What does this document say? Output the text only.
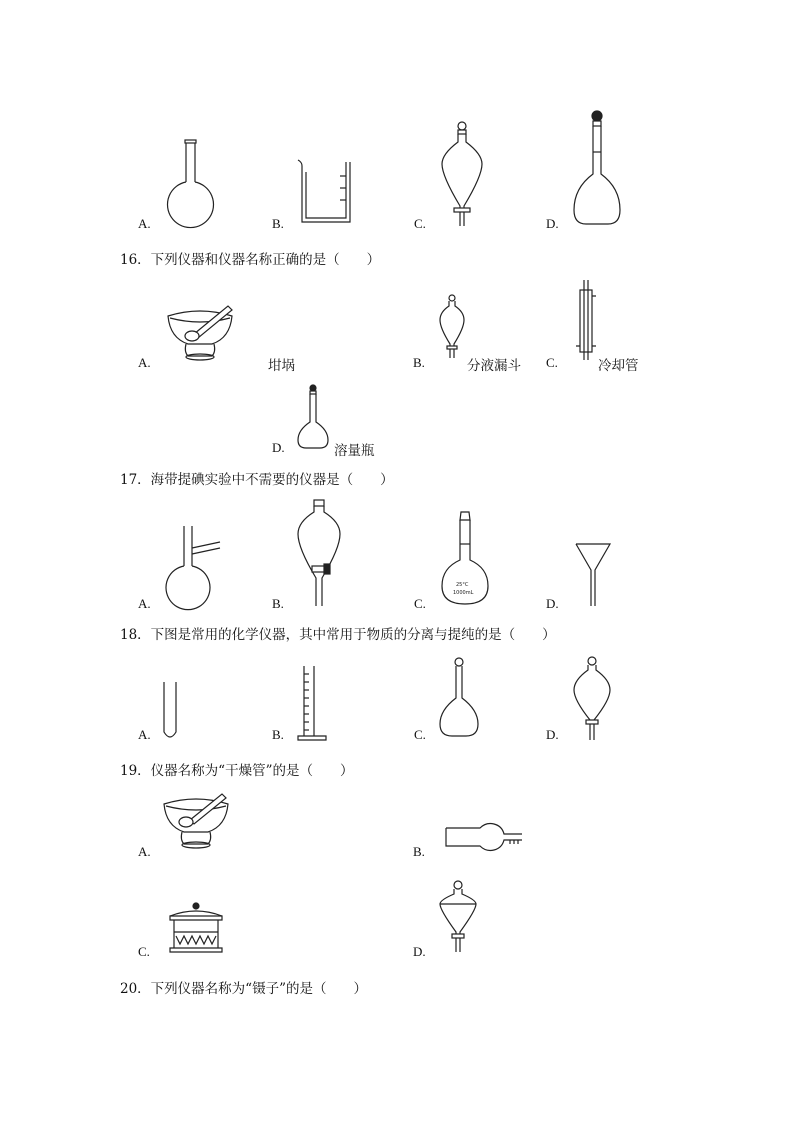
A.	B.	C.	D.
16．下列仪器和仪器名称正确的是（　　）
A.	坩埚	B.	分液漏斗 C.	冷却管
D.	溶量瓶
17．海带提碘实验中不需要的仪器是（　　）
A.	B.
25°C
1000mL
C.	D.
18．下图是常用的化学仪器，其中常用于物质的分离与提纯的是（　　）
A.	B.	C.	D.
19．仪器名称为“干燥管”的是（　　）
A.	B.
C.	D.
20．下列仪器名称为“镊子”的是（　　）
